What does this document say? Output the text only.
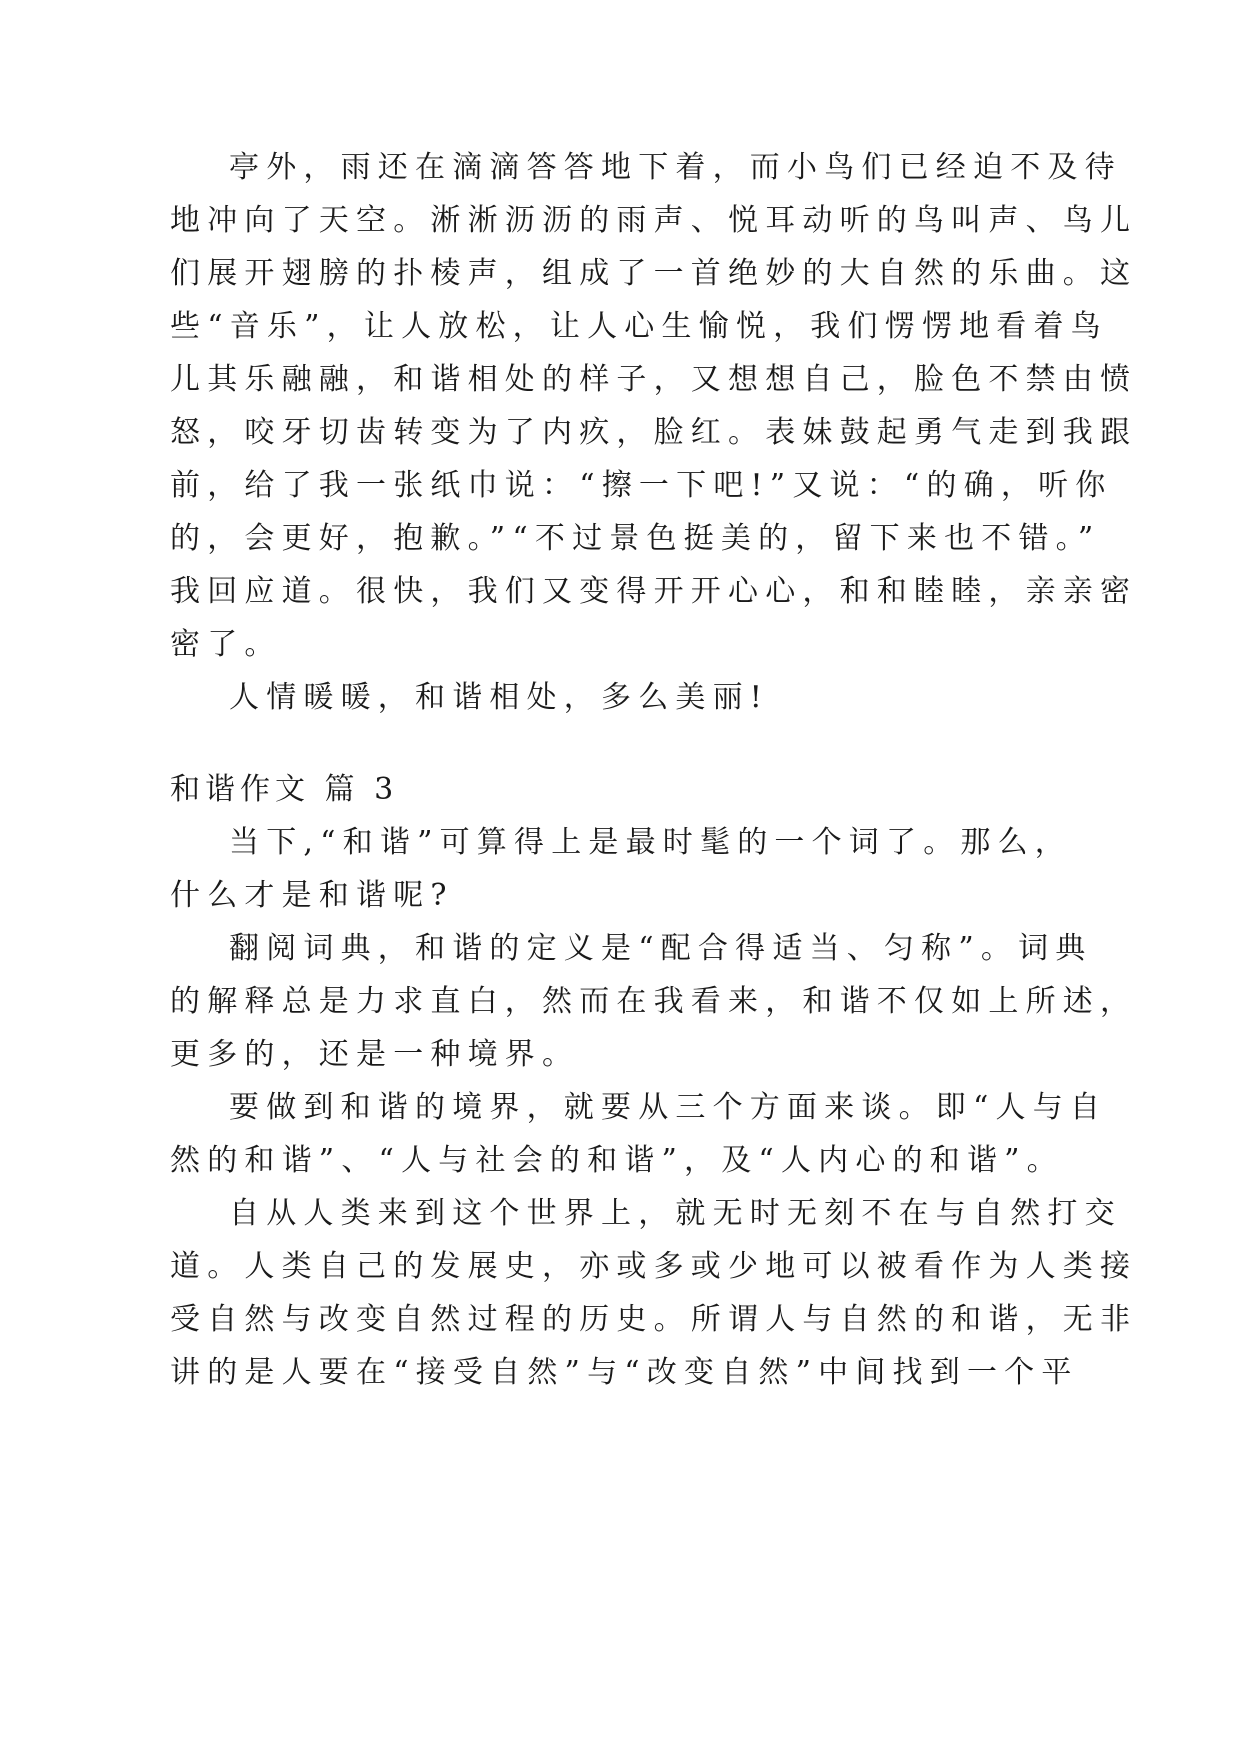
亭外，雨还在滴滴答答地下着，而小鸟们已经迫不及待
地冲向了天空。淅淅沥沥的雨声、悦耳动听的鸟叫声、鸟儿
们展开翅膀的扑棱声，组成了一首绝妙的大自然的乐曲。这
些“音乐”，让人放松，让人心生愉悦，我们愣愣地看着鸟
儿其乐融融，和谐相处的样子，又想想自己，脸色不禁由愤
怒，咬牙切齿转变为了内疚，脸红。表妹鼓起勇气走到我跟
前，给了我一张纸巾说：“擦一下吧!”又说：“的确，听你
的，会更好，抱歉。”“不过景色挺美的，留下来也不错。”
我回应道。很快，我们又变得开开心心，和和睦睦，亲亲密
密了。
人情暖暖，和谐相处，多么美丽!
和谐作文 篇 3
当下,“和谐”可算得上是最时髦的一个词了。那么，
什么才是和谐呢?
翻阅词典，和谐的定义是“配合得适当、匀称”。词典
的解释总是力求直白，然而在我看来，和谐不仅如上所述，
更多的，还是一种境界。
要做到和谐的境界，就要从三个方面来谈。即“人与自
然的和谐”、“人与社会的和谐”，及“人内心的和谐”。
自从人类来到这个世界上，就无时无刻不在与自然打交
道。人类自己的发展史，亦或多或少地可以被看作为人类接
受自然与改变自然过程的历史。所谓人与自然的和谐，无非
讲的是人要在“接受自然”与“改变自然”中间找到一个平
